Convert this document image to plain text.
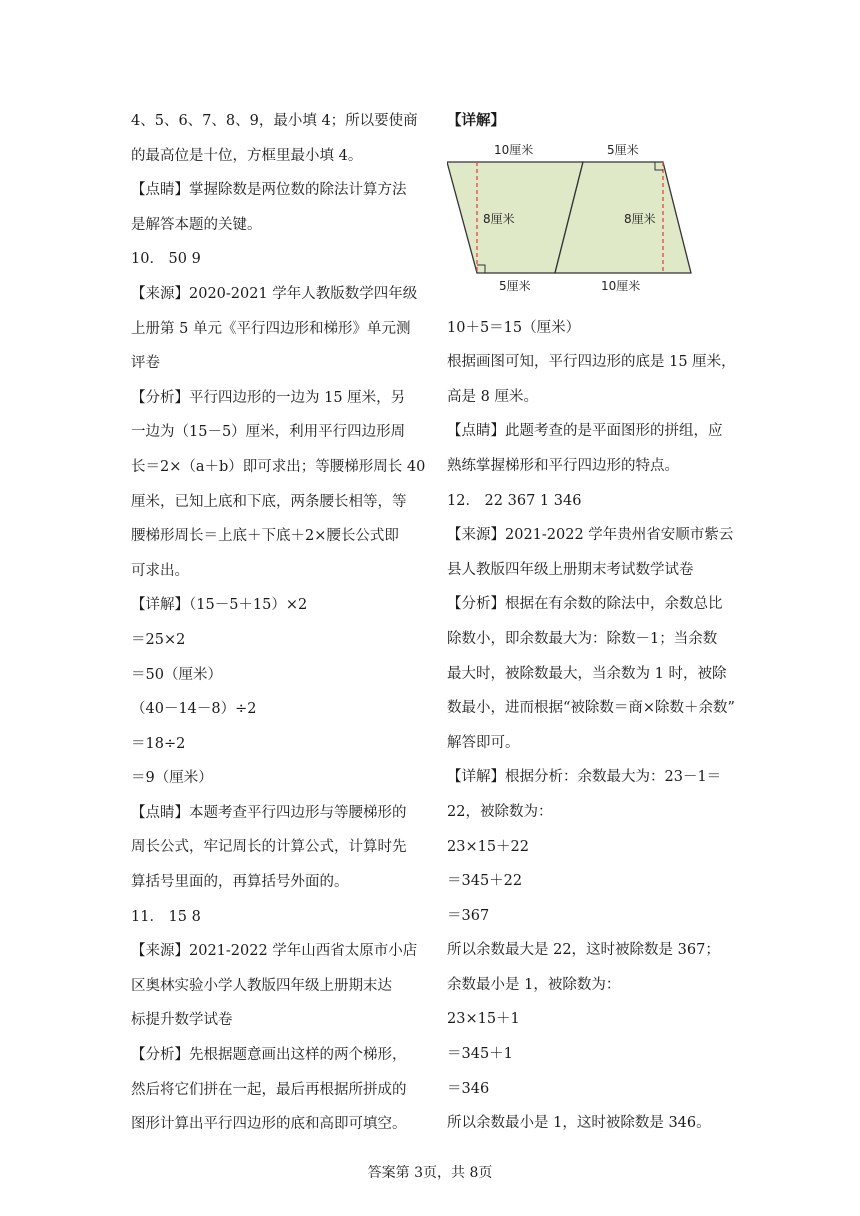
4、5、6、7、8、9，最小填 4；所以要使商
的最高位是十位，方框里最小填 4。
【点睛】掌握除数是两位数的除法计算方法
是解答本题的关键。
10． 50 9
【来源】2020-2021 学年人教版数学四年级
上册第 5 单元《平行四边形和梯形》单元测
评卷
【分析】平行四边形的一边为 15 厘米，另
一边为（15－5）厘米，利用平行四边形周
长＝2×（a＋b）即可求出；等腰梯形周长 40
厘米，已知上底和下底，两条腰长相等，等
腰梯形周长＝上底＋下底＋2×腰长公式即
可求出。
【详解】（15－5＋15）×2
＝25×2
＝50（厘米）
（40－14－8）÷2
＝18÷2
＝9（厘米）
【点睛】本题考查平行四边形与等腰梯形的
周长公式，牢记周长的计算公式，计算时先
算括号里面的，再算括号外面的。
11． 15 8
【来源】2021-2022 学年山西省太原市小店
区奥林实验小学人教版四年级上册期末达
标提升数学试卷
【分析】先根据题意画出这样的两个梯形，
然后将它们拼在一起，最后再根据所拼成的
图形计算出平行四边形的底和高即可填空。
【详解】
10厘米	5厘米
8厘米	8厘米
5厘米	10厘米
10＋5＝15（厘米）
根据画图可知，平行四边形的底是 15 厘米，
高是 8 厘米。
【点睛】此题考查的是平面图形的拼组，应
熟练掌握梯形和平行四边形的特点。
12． 22 367 1 346
【来源】2021-2022 学年贵州省安顺市紫云
县人教版四年级上册期末考试数学试卷
【分析】根据在有余数的除法中，余数总比
除数小，即余数最大为：除数－1；当余数
最大时，被除数最大，当余数为 1 时，被除
数最小，进而根据“被除数＝商×除数＋余数”
解答即可。
【详解】根据分析：余数最大为：23－1＝
22，被除数为：
23×15＋22
＝345＋22
＝367
所以余数最大是 22，这时被除数是 367；
余数最小是 1，被除数为：
23×15＋1
＝345＋1
＝346
所以余数最小是 1，这时被除数是 346。
答案第 3页，共 8页
